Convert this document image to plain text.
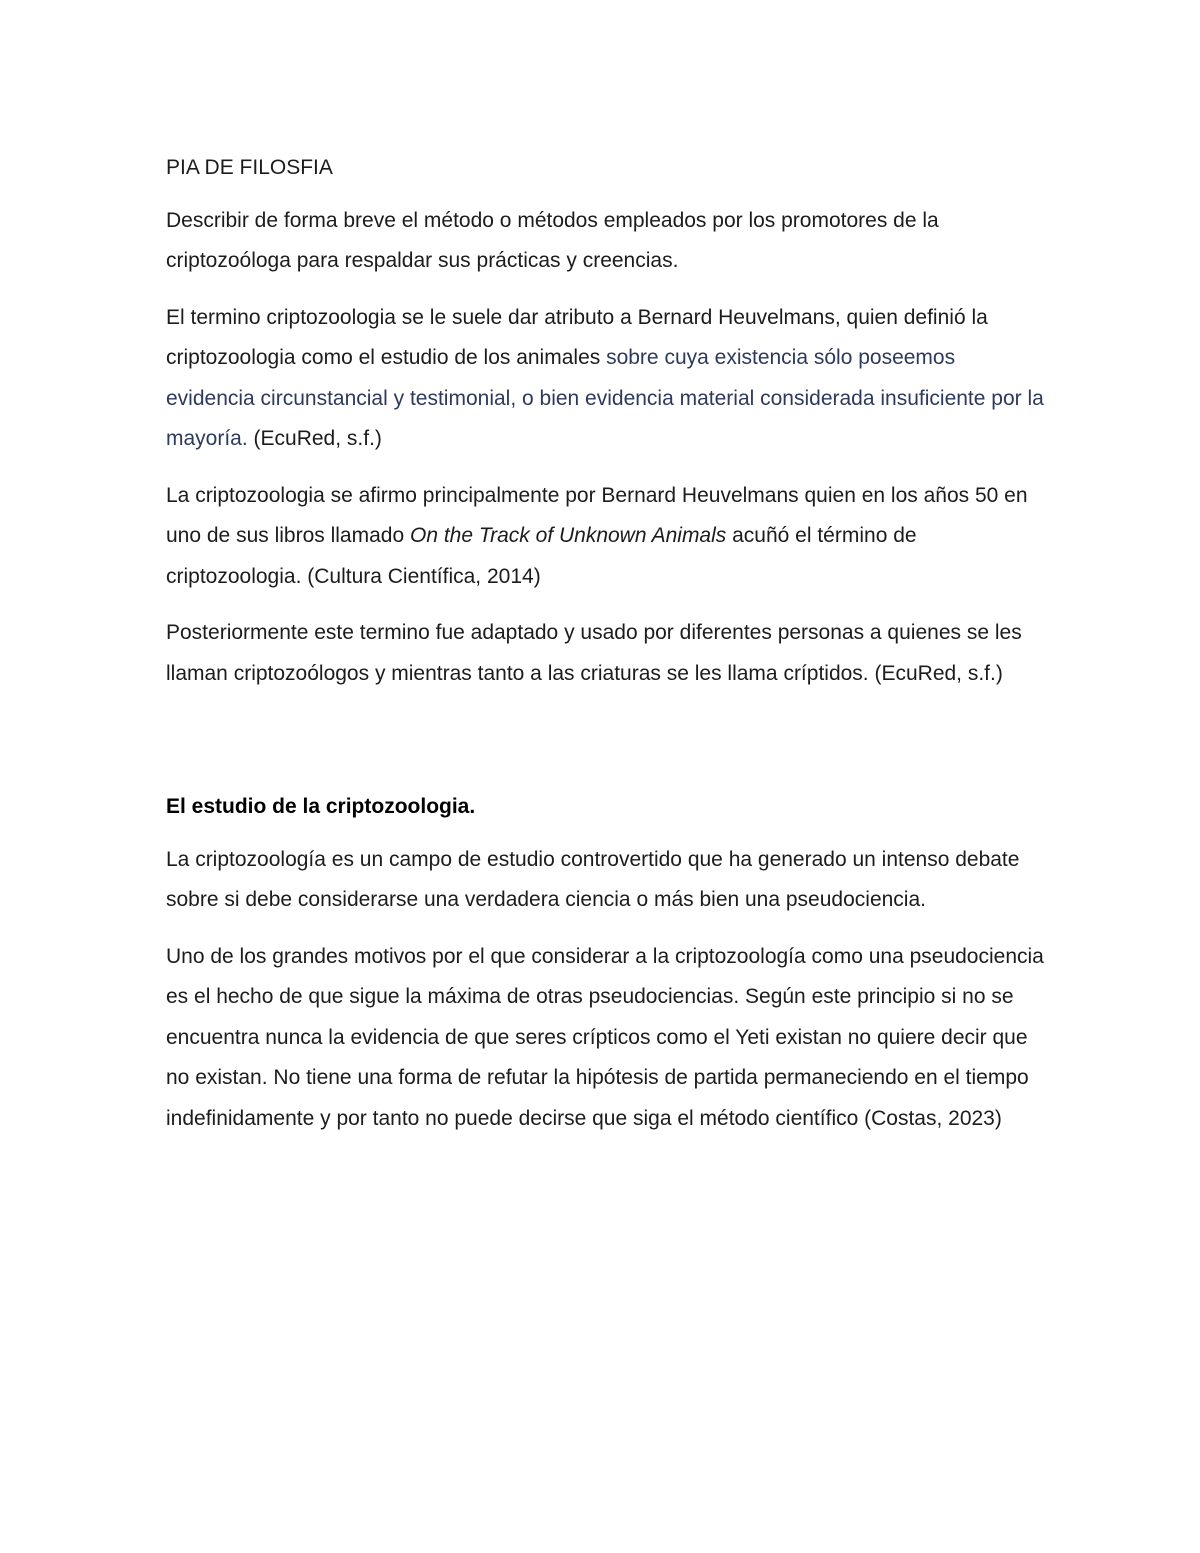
PIA DE FILOSFIA

Describir de forma breve el método o métodos empleados por los promotores de la criptozoóloga para respaldar sus prácticas y creencias.

El termino criptozoologia se le suele dar atributo a Bernard Heuvelmans, quien definió la criptozoologia como el estudio de los animales sobre cuya existencia sólo poseemos evidencia circunstancial y testimonial, o bien evidencia material considerada insuficiente por la mayoría. (EcuRed, s.f.)

La criptozoologia se afirmo principalmente por Bernard Heuvelmans quien en los años 50 en uno de sus libros llamado On the Track of Unknown Animals acuñó el término de criptozoologia. (Cultura Científica, 2014)

Posteriormente este termino fue adaptado y usado por diferentes personas a quienes se les llaman criptozoólogos y mientras tanto a las criaturas se les llama críptidos. (EcuRed, s.f.)

El estudio de la criptozoologia.

La criptozoología es un campo de estudio controvertido que ha generado un intenso debate sobre si debe considerarse una verdadera ciencia o más bien una pseudociencia.

Uno de los grandes motivos por el que considerar a la criptozoología como una pseudociencia es el hecho de que sigue la máxima de otras pseudociencias. Según este principio si no se encuentra nunca la evidencia de que seres crípticos como el Yeti existan no quiere decir que no existan. No tiene una forma de refutar la hipótesis de partida permaneciendo en el tiempo indefinidamente y por tanto no puede decirse que siga el método científico (Costas, 2023)
